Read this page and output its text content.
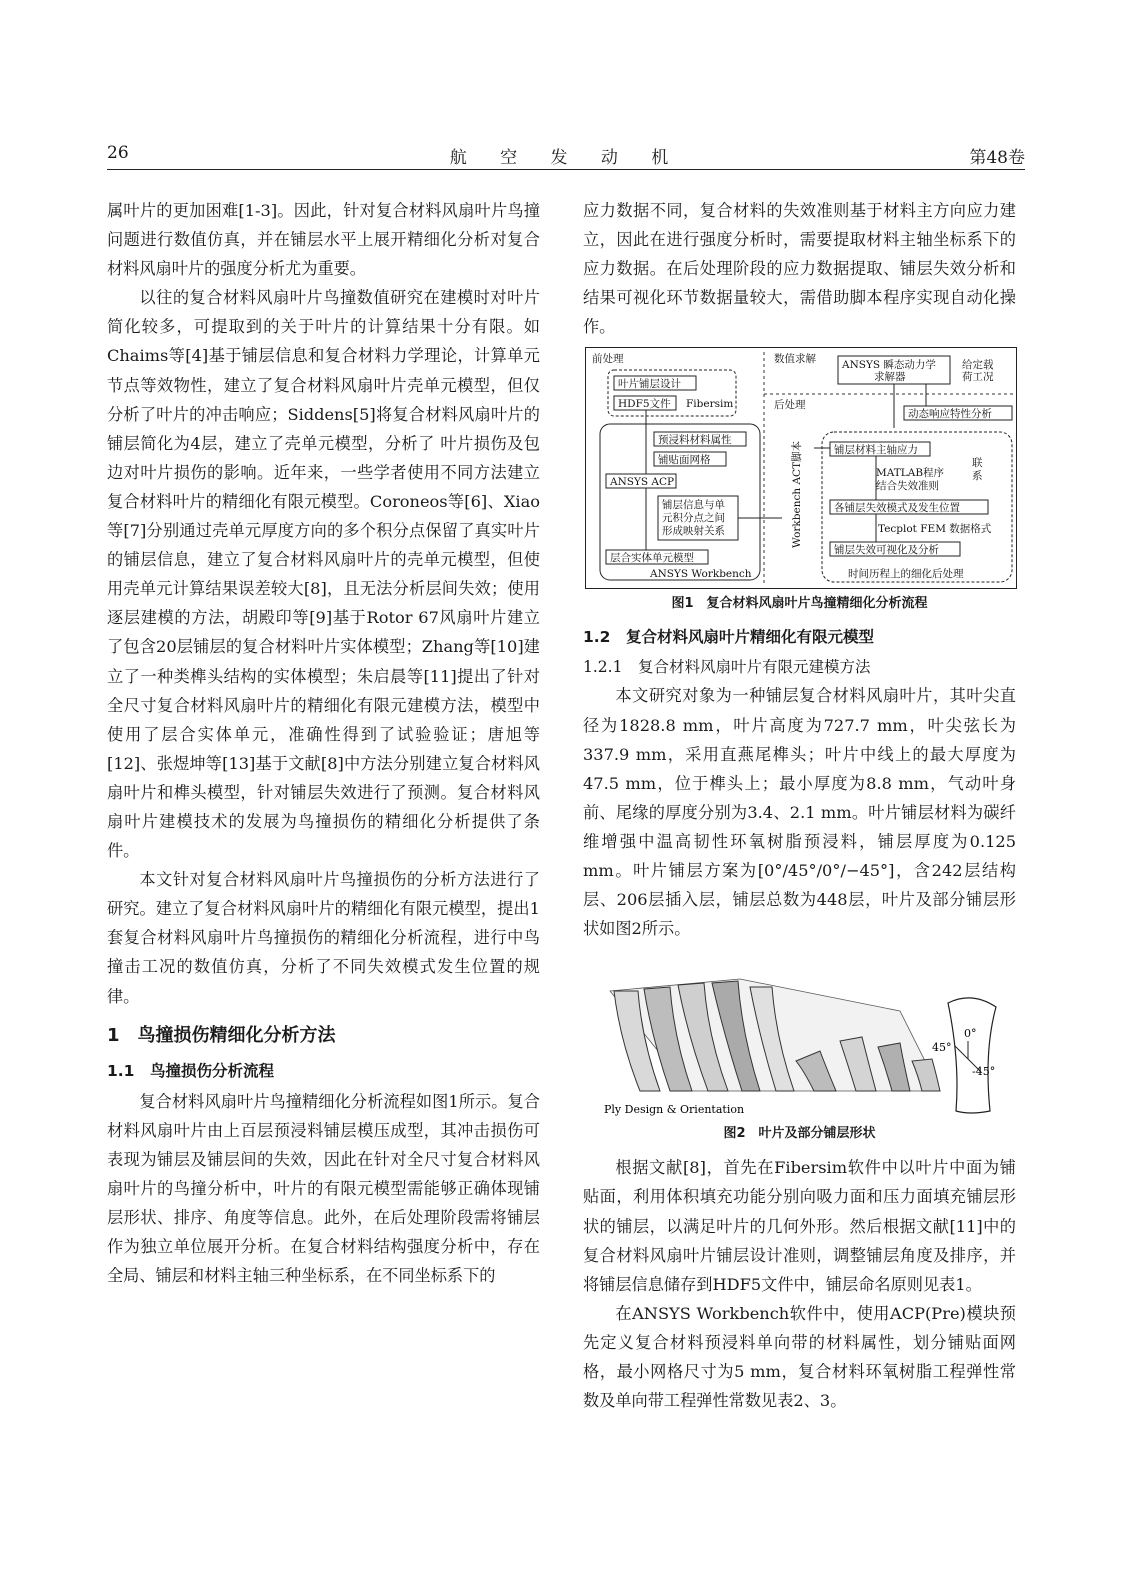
26	航 空 发 动 机	第48卷

属叶片的更加困难[1-3]。因此，针对复合材料风扇叶片鸟撞问题进行数值仿真，并在铺层水平上展开精细化分析对复合材料风扇叶片的强度分析尤为重要。

以往的复合材料风扇叶片鸟撞数值研究在建模时对叶片简化较多，可提取到的关于叶片的计算结果十分有限。如Chaims等[4]基于铺层信息和复合材料力学理论，计算单元节点等效物性，建立了复合材料风扇叶片壳单元模型，但仅分析了叶片的冲击响应；Siddens[5]将复合材料风扇叶片的铺层简化为4层，建立了壳单元模型，分析了 叶片损伤及包边对叶片损伤的影响。近年来，一些学者使用不同方法建立复合材料叶片的精细化有限元模型。Coroneos等[6]、Xiao等[7]分别通过壳单元厚度方向的多个积分点保留了真实叶片的铺层信息，建立了复合材料风扇叶片的壳单元模型，但使用壳单元计算结果误差较大[8]，且无法分析层间失效；使用逐层建模的方法，胡殿印等[9]基于Rotor 67风扇叶片建立了包含20层铺层的复合材料叶片实体模型；Zhang等[10]建立了一种类榫头结构的实体模型；朱启晨等[11]提出了针对全尺寸复合材料风扇叶片的精细化有限元建模方法，模型中使用了层合实体单元，准确性得到了试验验证；唐旭等[12]、张煜坤等[13]基于文献[8]中方法分别建立复合材料风扇叶片和榫头模型，针对铺层失效进行了预测。复合材料风扇叶片建模技术的发展为鸟撞损伤的精细化分析提供了条件。

本文针对复合材料风扇叶片鸟撞损伤的分析方法进行了研究。建立了复合材料风扇叶片的精细化有限元模型，提出1套复合材料风扇叶片鸟撞损伤的精细化分析流程，进行中鸟撞击工况的数值仿真，分析了不同失效模式发生位置的规律。

1　鸟撞损伤精细化分析方法
1.1　鸟撞损伤分析流程

复合材料风扇叶片鸟撞精细化分析流程如图1所示。复合材料风扇叶片由上百层预浸料铺层模压成型，其冲击损伤可表现为铺层及铺层间的失效，因此在针对全尺寸复合材料风扇叶片的鸟撞分析中，叶片的有限元模型需能够正确体现铺层形状、排序、角度等信息。此外，在后处理阶段需将铺层作为独立单位展开分析。在复合材料结构强度分析中，存在全局、铺层和材料主轴三种坐标系，在不同坐标系下的

应力数据不同，复合材料的失效准则基于材料主方向应力建立，因此在进行强度分析时，需要提取材料主轴坐标系下的应力数据。在后处理阶段的应力数据提取、铺层失效分析和结果可视化环节数据量较大，需借助脚本程序实现自动化操作。

前处理	数值求解
后处理
叶片铺层设计
HDF5文件 Fibersim
预浸料材料属性
铺贴面网格
ANSYS ACP
铺层信息与单
元积分点之间
形成映射关系
层合实体单元模型
ANSYS Workbench
ANSYS 瞬态动力学
求解器
给定载
荷工况
动态响应特性分析
Workbench ACT脚本	铺层材料主轴应力
联
系
MATLAB程序
结合失效准则
各铺层失效模式及发生位置
Tecplot FEM 数据格式
铺层失效可视化及分析
时间历程上的细化后处理
图1　复合材料风扇叶片鸟撞精细化分析流程
1.2　复合材料风扇叶片精细化有限元模型
1.2.1　复合材料风扇叶片有限元建模方法

本文研究对象为一种铺层复合材料风扇叶片，其叶尖直径为1828.8 mm，叶片高度为727.7 mm，叶尖弦长为337.9 mm，采用直燕尾榫头；叶片中线上的最大厚度为47.5 mm，位于榫头上；最小厚度为8.8 mm，气动叶身前、尾缘的厚度分别为3.4、2.1 mm。叶片铺层材料为碳纤维增强中温高韧性环氧树脂预浸料，铺层厚度为0.125 mm。叶片铺层方案为[0°/45°/0°/−45°]，含242层结构层、206层插入层，铺层总数为448层，叶片及部分铺层形状如图2所示。

0°
45°
-45°
Ply Design & Orientation
图2　叶片及部分铺层形状

根据文献[8]，首先在Fibersim软件中以叶片中面为铺贴面，利用体积填充功能分别向吸力面和压力面填充铺层形状的铺层，以满足叶片的几何外形。然后根据文献[11]中的复合材料风扇叶片铺层设计准则，调整铺层角度及排序，并将铺层信息储存到HDF5文件中，铺层命名原则见表1。

在ANSYS Workbench软件中，使用ACP(Pre)模块预先定义复合材料预浸料单向带的材料属性，划分铺贴面网格，最小网格尺寸为5 mm，复合材料环氧树脂工程弹性常数及单向带工程弹性常数见表2、3。
